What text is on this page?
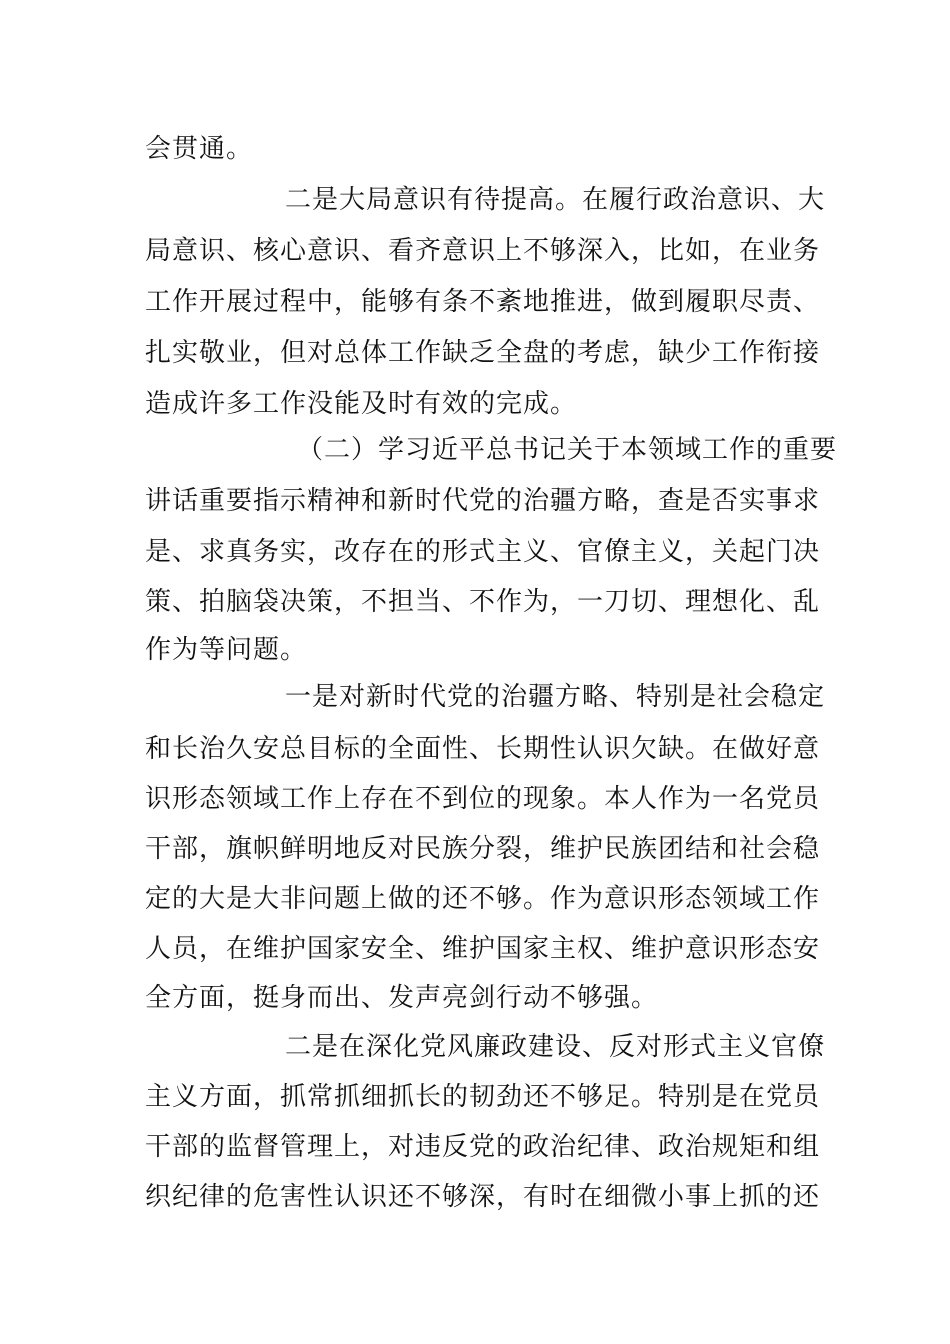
会贯通。
二是大局意识有待提高。在履行政治意识、大
局意识、核心意识、看齐意识上不够深入，比如，在业务
工作开展过程中，能够有条不紊地推进，做到履职尽责、
扎实敬业，但对总体工作缺乏全盘的考虑，缺少工作衔接
造成许多工作没能及时有效的完成。
（二）学习近平总书记关于本领域工作的重要
讲话重要指示精神和新时代党的治疆方略，查是否实事求
是、求真务实，改存在的形式主义、官僚主义，关起门决
策、拍脑袋决策，不担当、不作为，一刀切、理想化、乱
作为等问题。
一是对新时代党的治疆方略、特别是社会稳定
和长治久安总目标的全面性、长期性认识欠缺。在做好意
识形态领域工作上存在不到位的现象。本人作为一名党员
干部，旗帜鲜明地反对民族分裂，维护民族团结和社会稳
定的大是大非问题上做的还不够。作为意识形态领域工作
人员，在维护国家安全、维护国家主权、维护意识形态安
全方面，挺身而出、发声亮剑行动不够强。
二是在深化党风廉政建设、反对形式主义官僚
主义方面，抓常抓细抓长的韧劲还不够足。特别是在党员
干部的监督管理上，对违反党的政治纪律、政治规矩和组
织纪律的危害性认识还不够深，有时在细微小事上抓的还
